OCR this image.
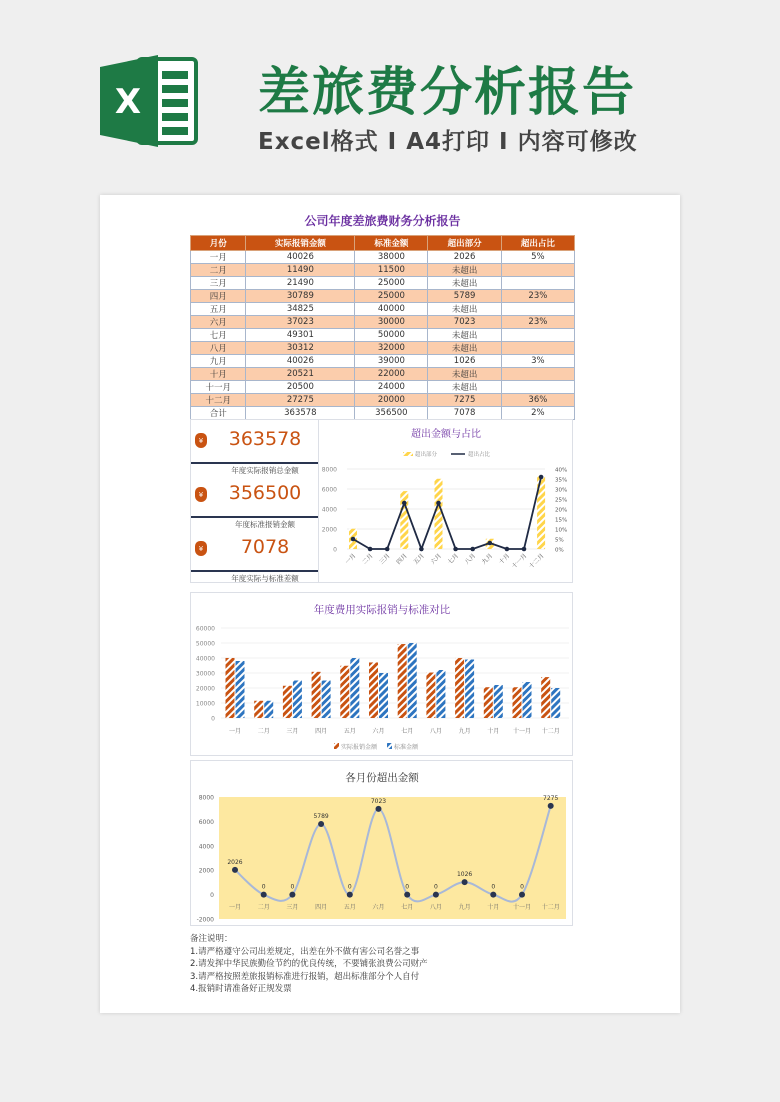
X 差旅费分析报告
Excel格式 I A4打印 I 内容可修改
公司年度差旅费财务分析报告
月份	实际报销金额	标准金额	超出部分	超出占比
一月	40026	38000	2026	5%
二月	11490	11500	未超出	
三月	21490	25000	未超出	
四月	30789	25000	5789	23%
五月	34825	40000	未超出	
六月	37023	30000	7023	23%
七月	49301	50000	未超出	
八月	30312	32000	未超出	
九月	40026	39000	1026	3%
十月	20521	22000	未超出	
十一月	20500	24000	未超出	
十二月	27275	20000	7275	36%
合计	363578	356500	7078	2%
¥	363578
年度实际报销总金额
¥	356500
年度标准报销金额
¥	7078
年度实际与标准差额
超出金额与占比
0
2000
4000
6000
8000
0%
5%
10%
15%
20%
25%
30%
35%
40%
超出部分	超出占比
一月 二月 三月 四月 五月 六月 七月 八月 九月 十月 十一月 十二月
年度费用实际报销与标准对比
0
10000
20000
30000
40000
50000
60000
一月	二月	三月	四月	五月	六月	七月	八月	九月	十月 十一月 十二月
实际报销金额	标准金额
各月份超出金额
-2000
0
2000
4000
6000
8000
2026
一月
0
二月
0
三月
5789
四月
0
五月
7023
六月
0
七月
0
八月
1026
九月
0
十月
0
十一月
7275
十二月
备注说明：
1.请严格遵守公司出差规定，出差在外不做有害公司名誉之事
2.请发挥中华民族勤俭节约的优良传统，不要铺张浪费公司财产
3.请严格按照差旅报销标准进行报销，超出标准部分个人自付
4.报销时请准备好正规发票
